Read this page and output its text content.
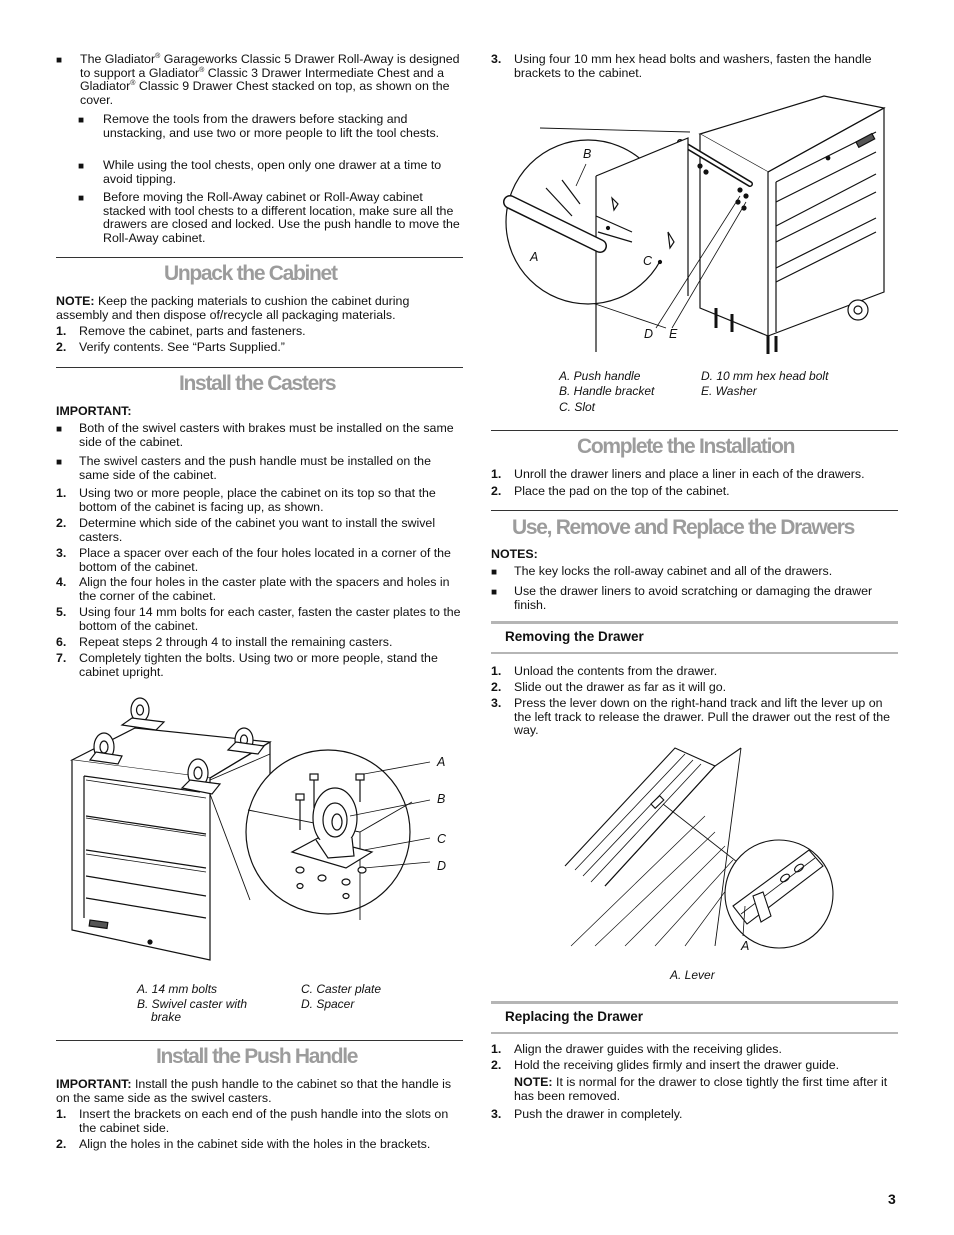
■ The Gladiator® Garageworks Classic 5 Drawer Roll-Away is designed to support a Gladiator® Classic 3 Drawer Intermediate Chest and a Gladiator® Classic 9 Drawer Chest stacked on top, as shown on the cover.
■ Remove the tools from the drawers before stacking and unstacking, and use two or more people to lift the tool chests.
■ While using the tool chests, open only one drawer at a time to avoid tipping.
■ Before moving the Roll-Away cabinet or Roll-Away cabinet stacked with tool chests to a different location, make sure all the drawers are closed and locked. Use the push handle to move the Roll-Away cabinet.
Unpack the Cabinet
NOTE: Keep the packing materials to cushion the cabinet during assembly and then dispose of/recycle all packaging materials.
1. Remove the cabinet, parts and fasteners.
2. Verify contents. See “Parts Supplied.”
Install the Casters
IMPORTANT:
■ Both of the swivel casters with brakes must be installed on the same side of the cabinet.
■ The swivel casters and the push handle must be installed on the same side of the cabinet.
1. Using two or more people, place the cabinet on its top so that the bottom of the cabinet is facing up, as shown.
2. Determine which side of the cabinet you want to install the swivel casters.
3. Place a spacer over each of the four holes located in a corner of the bottom of the cabinet.
4. Align the four holes in the caster plate with the spacers and holes in the corner of the cabinet.
5. Using four 14 mm bolts for each caster, fasten the caster plates to the bottom of the cabinet.
6. Repeat steps 2 through 4 to install the remaining casters.
7. Completely tighten the bolts. Using two or more people, stand the cabinet upright.
A
B
C
D
A. 14 mm bolts
B. Swivel caster with
brake
C. Caster plate
D. Spacer
Install the Push Handle
IMPORTANT: Install the push handle to the cabinet so that the handle is on the same side as the swivel casters.
1. Insert the brackets on each end of the push handle into the slots on the cabinet side.
2. Align the holes in the cabinet side with the holes in the brackets.
3. Using four 10 mm hex head bolts and washers, fasten the handle brackets to the cabinet.
B
A	C
D E
A. Push handle
B. Handle bracket
C. Slot
D. 10 mm hex head bolt
E. Washer
Complete the Installation
1. Unroll the drawer liners and place a liner in each of the drawers.
2. Place the pad on the top of the cabinet.
Use, Remove and Replace the Drawers
NOTES:
■ The key locks the roll-away cabinet and all of the drawers.
■ Use the drawer liners to avoid scratching or damaging the drawer finish.
Removing the Drawer
1. Unload the contents from the drawer.
2. Slide out the drawer as far as it will go.
3. Press the lever down on the right-hand track and lift the lever up on the left track to release the drawer. Pull the drawer out the rest of the way.
A
A. Lever
Replacing the Drawer
1. Align the drawer guides with the receiving glides.
2. Hold the receiving glides firmly and insert the drawer guide.
NOTE: It is normal for the drawer to close tightly the first time after it has been removed.
3. Push the drawer in completely.
3
